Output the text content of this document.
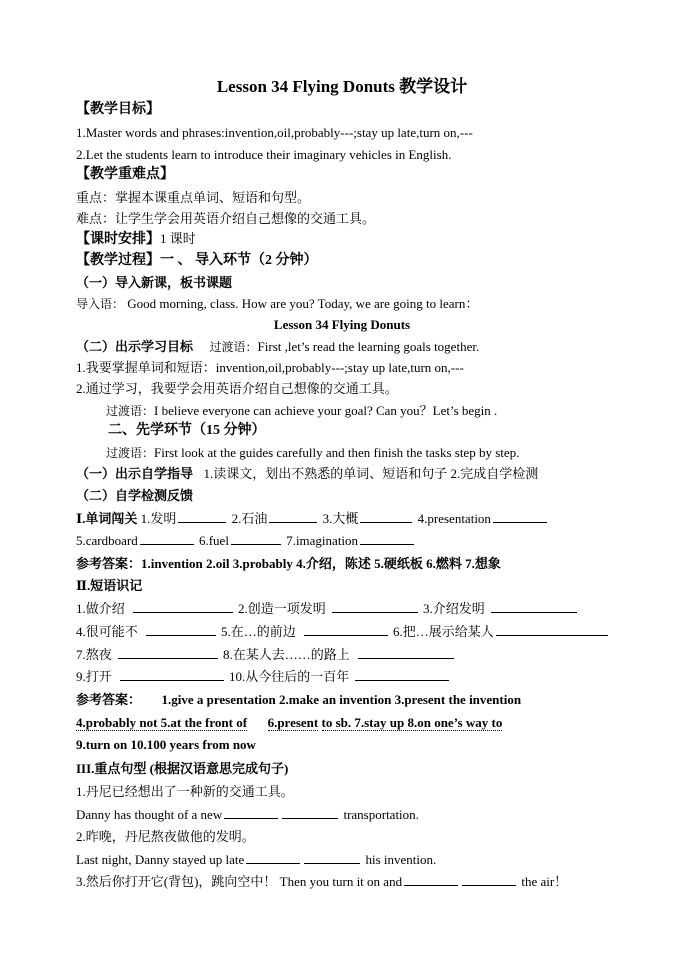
Lesson 34 Flying Donuts 教学设计
【教学目标】
1.Master words and phrases:invention,oil,probably---;stay up late,turn on,---
2.Let the students learn to introduce their imaginary vehicles in English.
【教学重难点】
重点：掌握本课重点单词、短语和句型。
难点：让学生学会用英语介绍自己想像的交通工具。
【课时安排】1 课时
【教学过程】一 、 导入环节（2 分钟）
（一）导入新课，板书课题
导入语： Good morning, class. How are you? Today, we are going to learn：
Lesson 34 Flying Donuts
（二）出示学习目标 过渡语：First ,let’s read the learning goals together.
1.我要掌握单词和短语：invention,oil,probably---;stay up late,turn on,---
2.通过学习，我要学会用英语介绍自己想像的交通工具。
过渡语：I believe everyone can achieve your goal? Can you？Let’s begin .
二、先学环节（15 分钟）
过渡语：First look at the guides carefully and then finish the tasks step by step.
（一）出示自学指导 1.读课文，划出不熟悉的单词、短语和句子 2.完成自学检测
（二）自学检测反馈
Ⅰ.单词闯关 1.发明	2.石油	3.大概	4.presentation
5.cardboard	6.fuel	7.imagination
参考答案：1.invention 2.oil 3.probably 4.介绍，陈述 5.硬纸板 6.燃料 7.想象
Ⅱ.短语识记
1.做介绍	2.创造一项发明	3.介绍发明
4.很可能不	5.在…的前边	6.把…展示给某人
7.熬夜	8.在某人去……的路上
9.打开	10.从今往后的一百年
参考答案： 1.give a presentation 2.make an invention 3.present the invention
4.probably not 5.at the front of 6.present to sb. 7.stay up 8.on one’s way to
9.turn on 10.100 years from now
III.重点句型 (根据汉语意思完成句子)
1.丹尼已经想出了一种新的交通工具。
Danny has thought of a new	transportation.
2.昨晚，丹尼熬夜做他的发明。
Last night, Danny stayed up late	his invention.
3.然后你打开它(背包)，跳向空中！ Then you turn it on and	the air！
